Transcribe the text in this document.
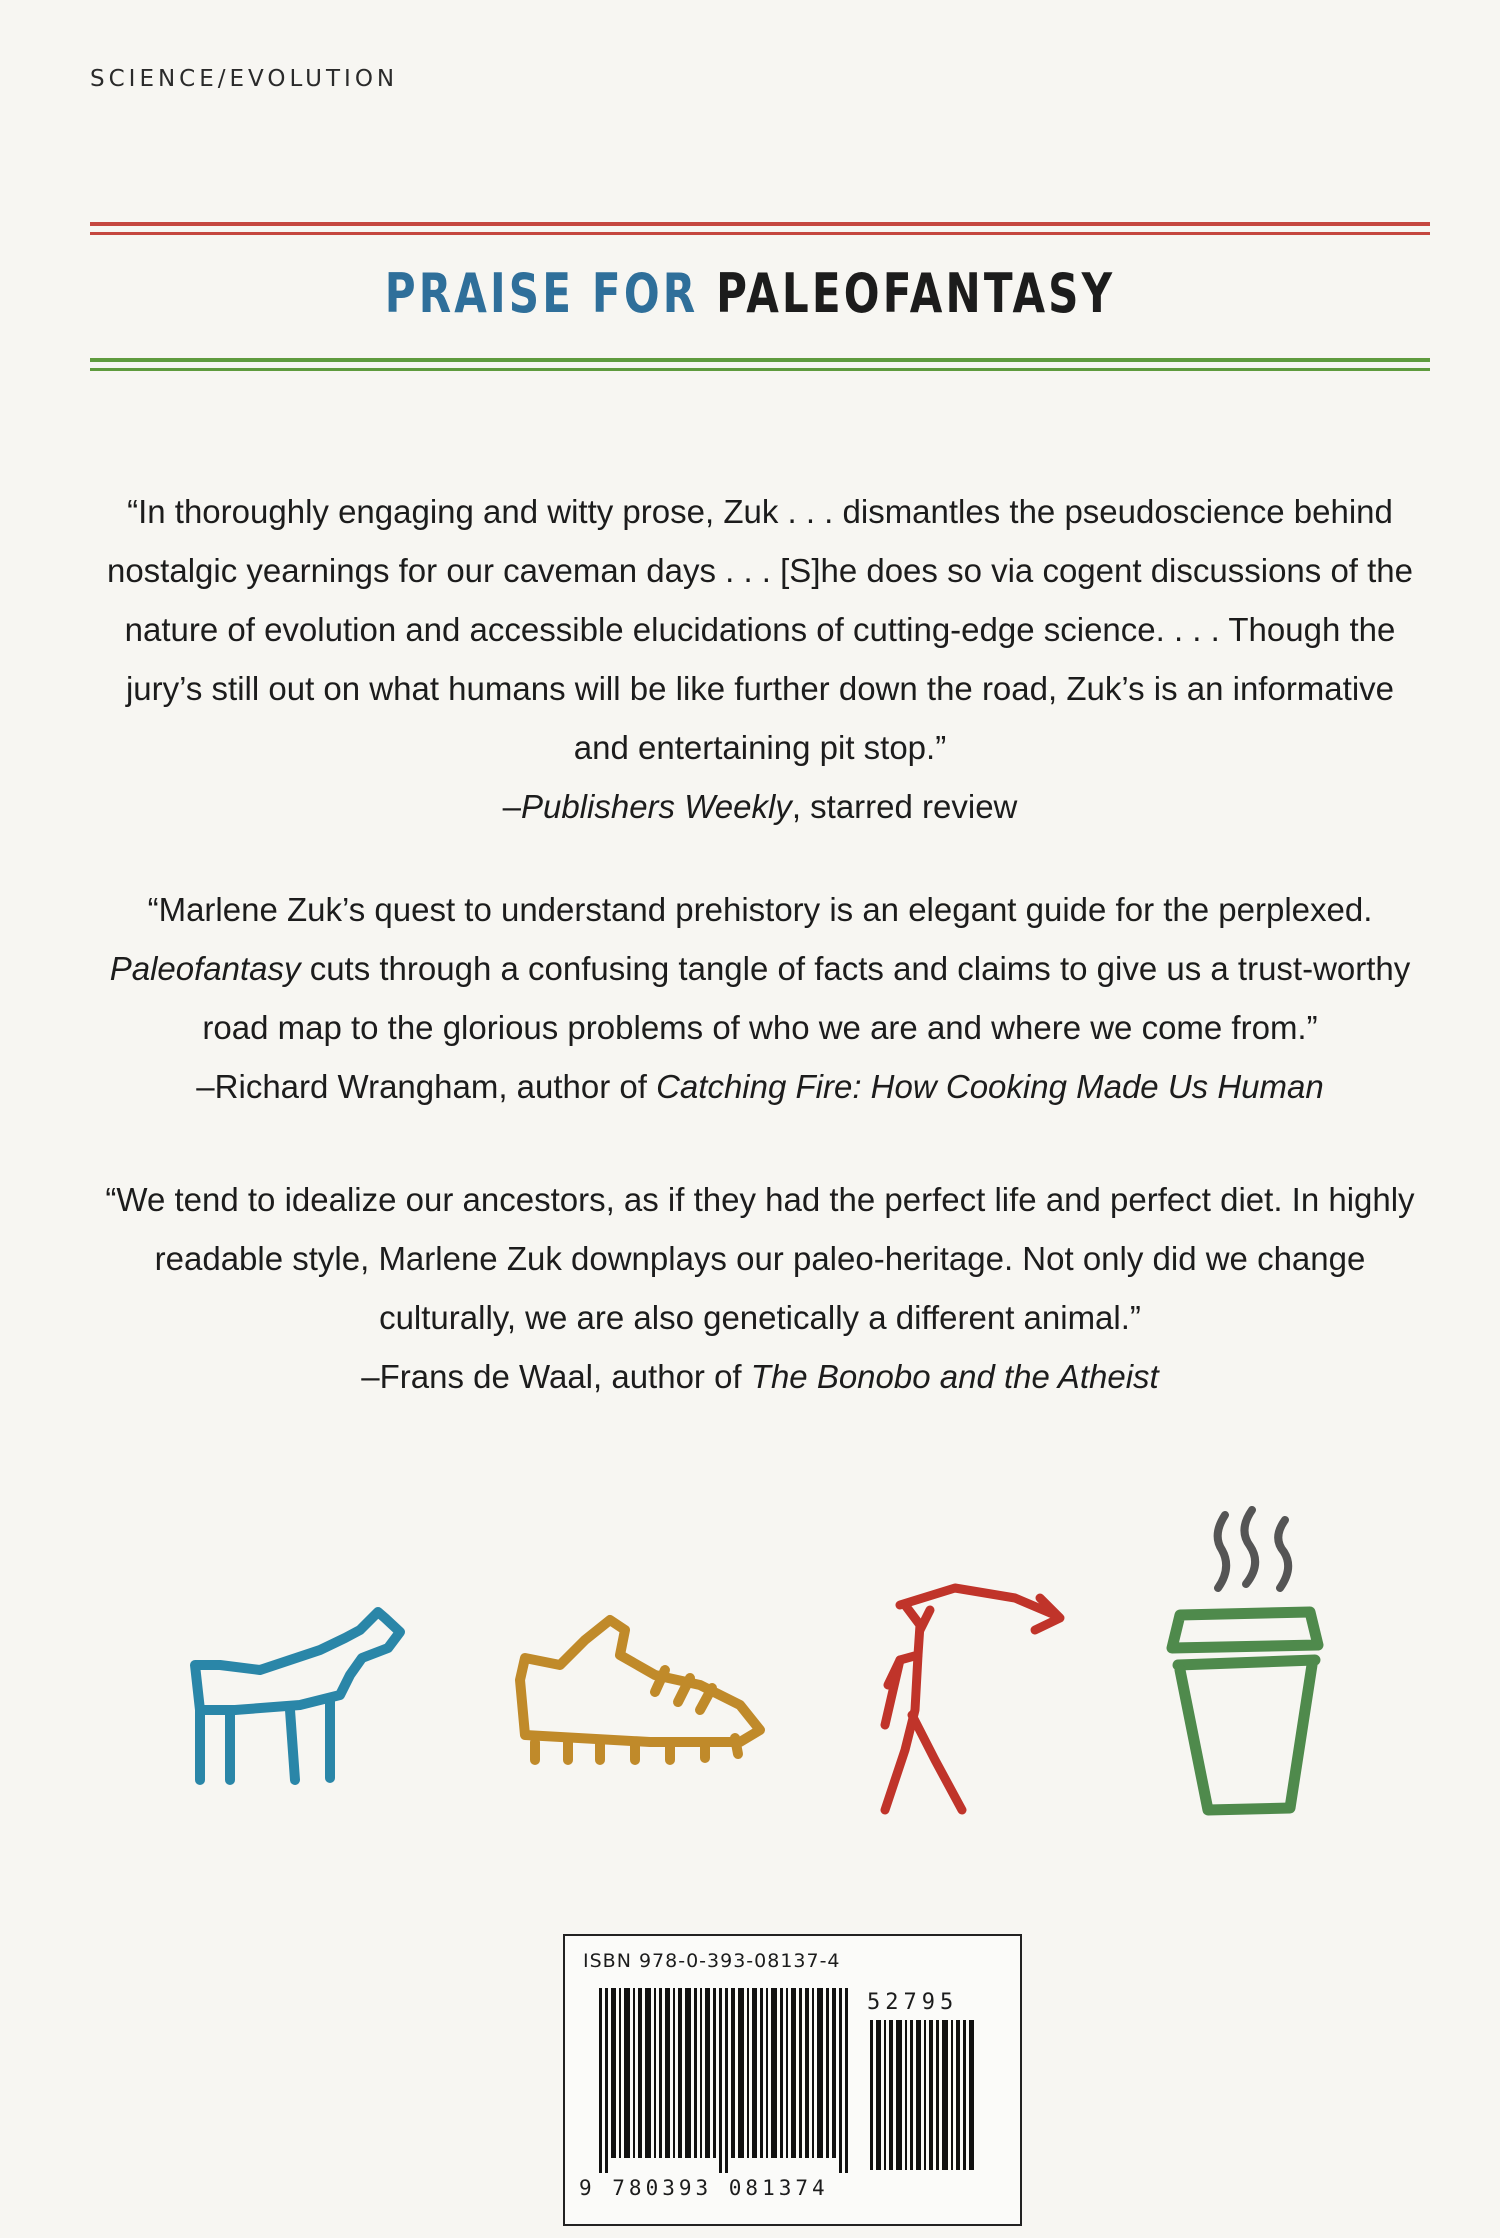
SCIENCE/EVOLUTION
PRAISE FOR PALEOFANTASY

“In thoroughly engaging and witty prose, Zuk . . . dismantles the pseudoscience behind nostalgic yearnings for our caveman days . . . [S]he does so via cogent discussions of the nature of evolution and accessible elucidations of cutting-edge science. . . . Though the jury’s still out on what humans will be like further down the road, Zuk’s is an informative and entertaining pit stop.”

–Publishers Weekly, starred review

“Marlene Zuk’s quest to understand prehistory is an elegant guide for the perplexed. Paleofantasy cuts through a confusing tangle of facts and claims to give us a trust-worthy road map to the glorious problems of who we are and where we come from.”

–Richard Wrangham, author of Catching Fire: How Cooking Made Us Human

“We tend to idealize our ancestors, as if they had the perfect life and perfect diet. In highly readable style, Marlene Zuk downplays our paleo-heritage. Not only did we change culturally, we are also genetically a different animal.”

–Frans de Waal, author of The Bonobo and the Atheist

ISBN 978-0-393-08137-4
52795
9 780393 081374
